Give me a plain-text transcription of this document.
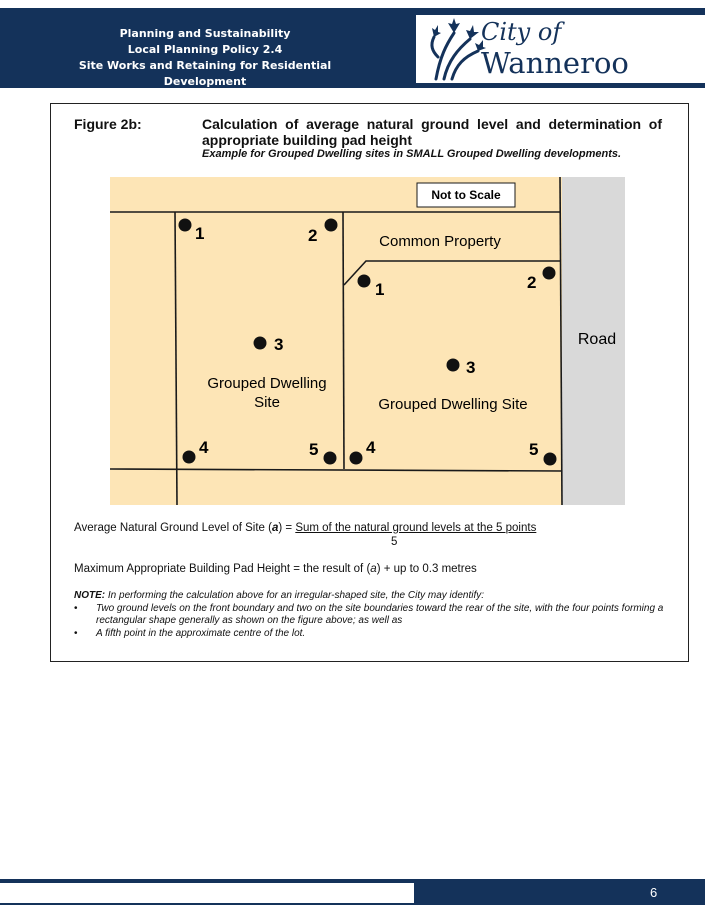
Planning and Sustainability
Local Planning Policy 2.4
Site Works and Retaining for Residential Development
City of
Wanneroo
Figure 2b:	Calculation of average natural ground level and determination of appropriate building pad height
Example for Grouped Dwelling sites in SMALL Grouped Dwelling developments.
Not to Scale
Common Property
Road
Grouped Dwelling
Site	Grouped Dwelling Site
1	2
3
4	5
1	2
3
4	5
Average Natural Ground Level of Site (a) = Sum of the natural ground levels at the 5 points
5
Maximum Appropriate Building Pad Height = the result of (a) + up to 0.3 metres
NOTE: In performing the calculation above for an irregular-shaped site, the City may identify:
• Two ground levels on the front boundary and two on the site boundaries toward the rear of the site, with the four points forming a rectangular shape generally as shown on the figure above; as well as
• A fifth point in the approximate centre of the lot.
6
